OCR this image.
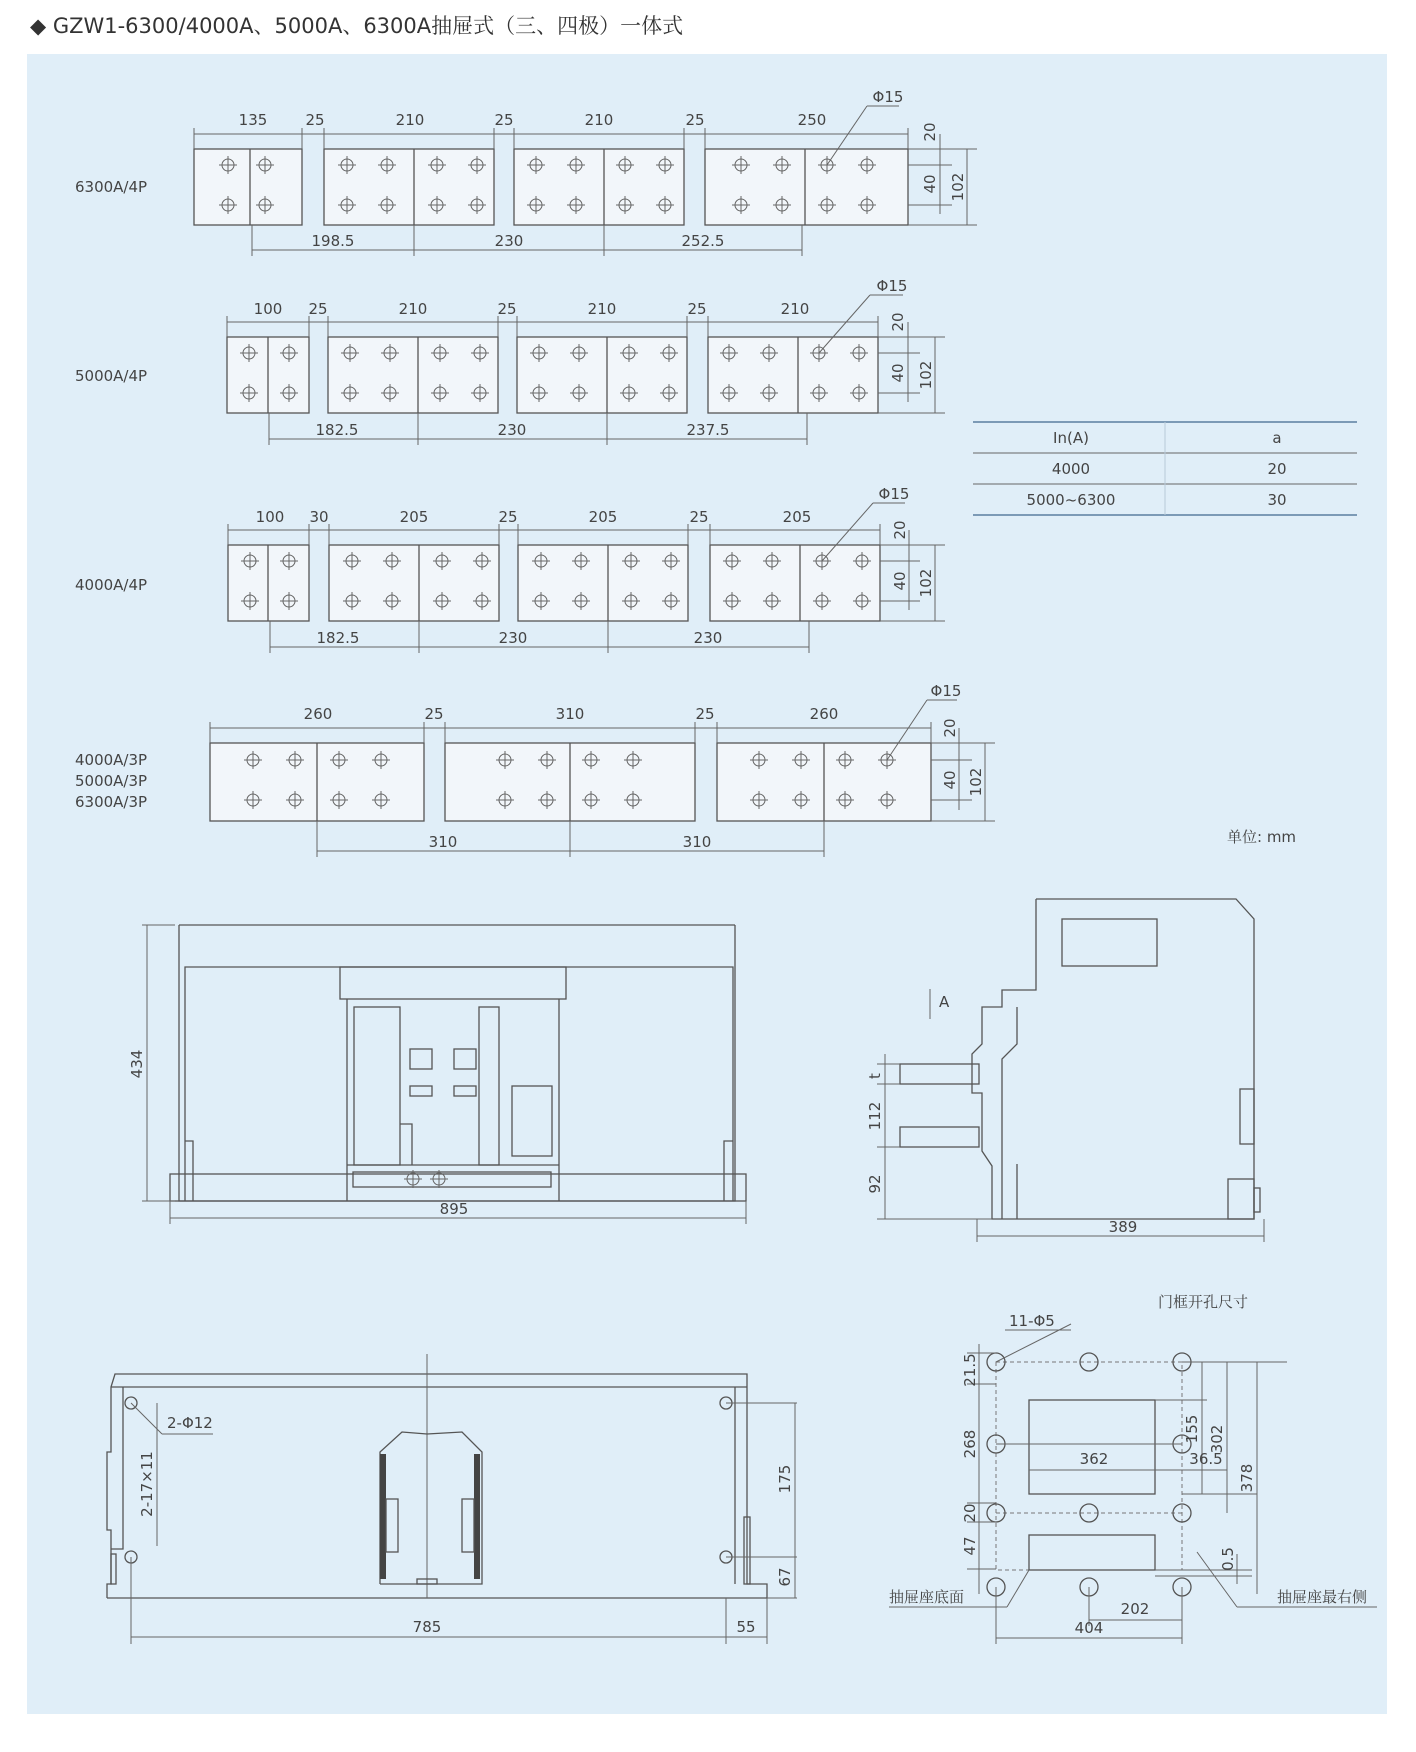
◆ GZW1-6300/4000A、5000A、6300A抽屉式（三、四极）一体式
6300A/4P
135	25	210	25	210	25	250
198.5	230	252.5
20
40 102
Φ15
5000A/4P
100 25	210	25	210	25	210
182.5	230	237.5
20
40 102
Φ15
In(A)	a
4000	20
5000~6300	30
4000A/4P
100 30	205	25	205	25	205
182.5	230	230
20
40 102
Φ15
4000A/3P
5000A/3P
6300A/3P
260	25	310	25	260
310	310
20
40 102
Φ15
单位: mm
434
895
A
t
112
92
389
2-Φ12
2-17×11	175
67
785	55
门框开孔尺寸
11-Φ5
21.5
268
20
47
155 302
378
362	36.5
0.5
202
404
抽屉座底面	抽屉座最右侧
